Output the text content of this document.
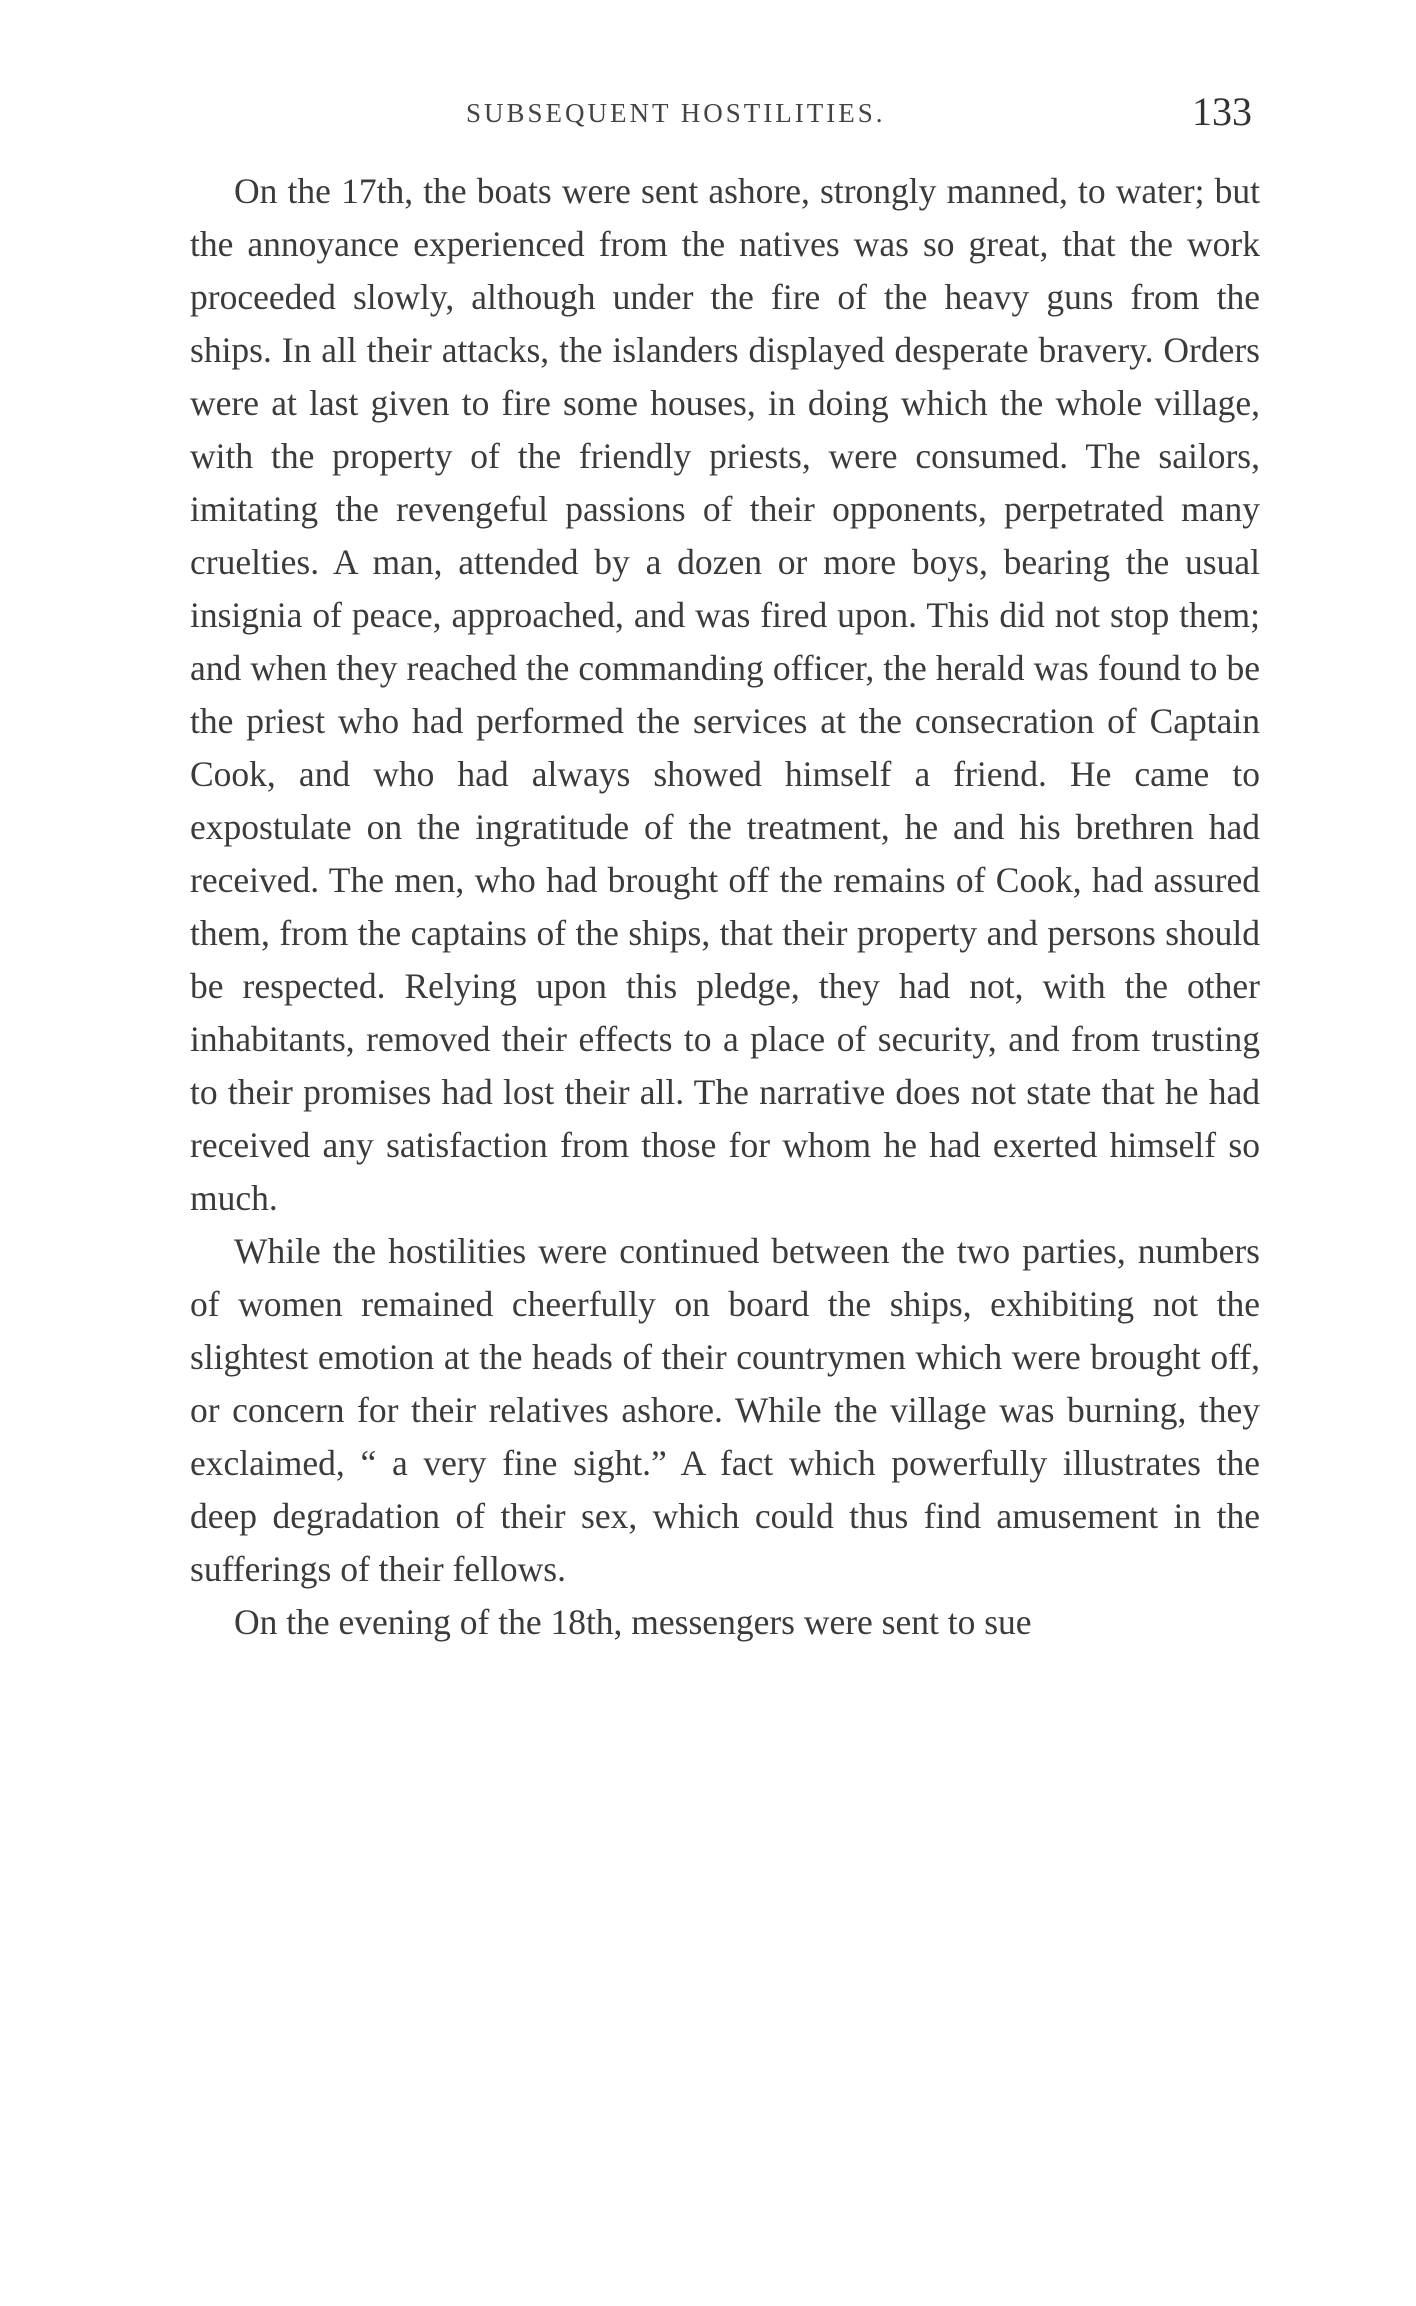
SUBSEQUENT HOSTILITIES.	133

On the 17th, the boats were sent ashore, strongly manned, to water; but the annoyance experienced from the natives was so great, that the work proceeded slowly, although under the fire of the heavy guns from the ships. In all their attacks, the islanders displayed desperate bravery. Orders were at last given to fire some houses, in doing which the whole village, with the property of the friendly priests, were consumed. The sailors, imitating the revengeful passions of their opponents, perpetrated many cruelties. A man, attended by a dozen or more boys, bearing the usual insignia of peace, approached, and was fired upon. This did not stop them; and when they reached the commanding officer, the herald was found to be the priest who had performed the services at the consecration of Captain Cook, and who had always showed himself a friend. He came to expostulate on the ingratitude of the treatment, he and his brethren had received. The men, who had brought off the remains of Cook, had assured them, from the captains of the ships, that their property and persons should be respected. Relying upon this pledge, they had not, with the other inhabitants, removed their effects to a place of security, and from trusting to their promises had lost their all. The narrative does not state that he had received any satisfaction from those for whom he had exerted himself so much.

While the hostilities were continued between the two parties, numbers of women remained cheerfully on board the ships, exhibiting not the slightest emotion at the heads of their countrymen which were brought off, or concern for their relatives ashore. While the village was burning, they exclaimed, “ a very fine sight.” A fact which powerfully illustrates the deep degradation of their sex, which could thus find amusement in the sufferings of their fellows.

On the evening of the 18th, messengers were sent to sue
